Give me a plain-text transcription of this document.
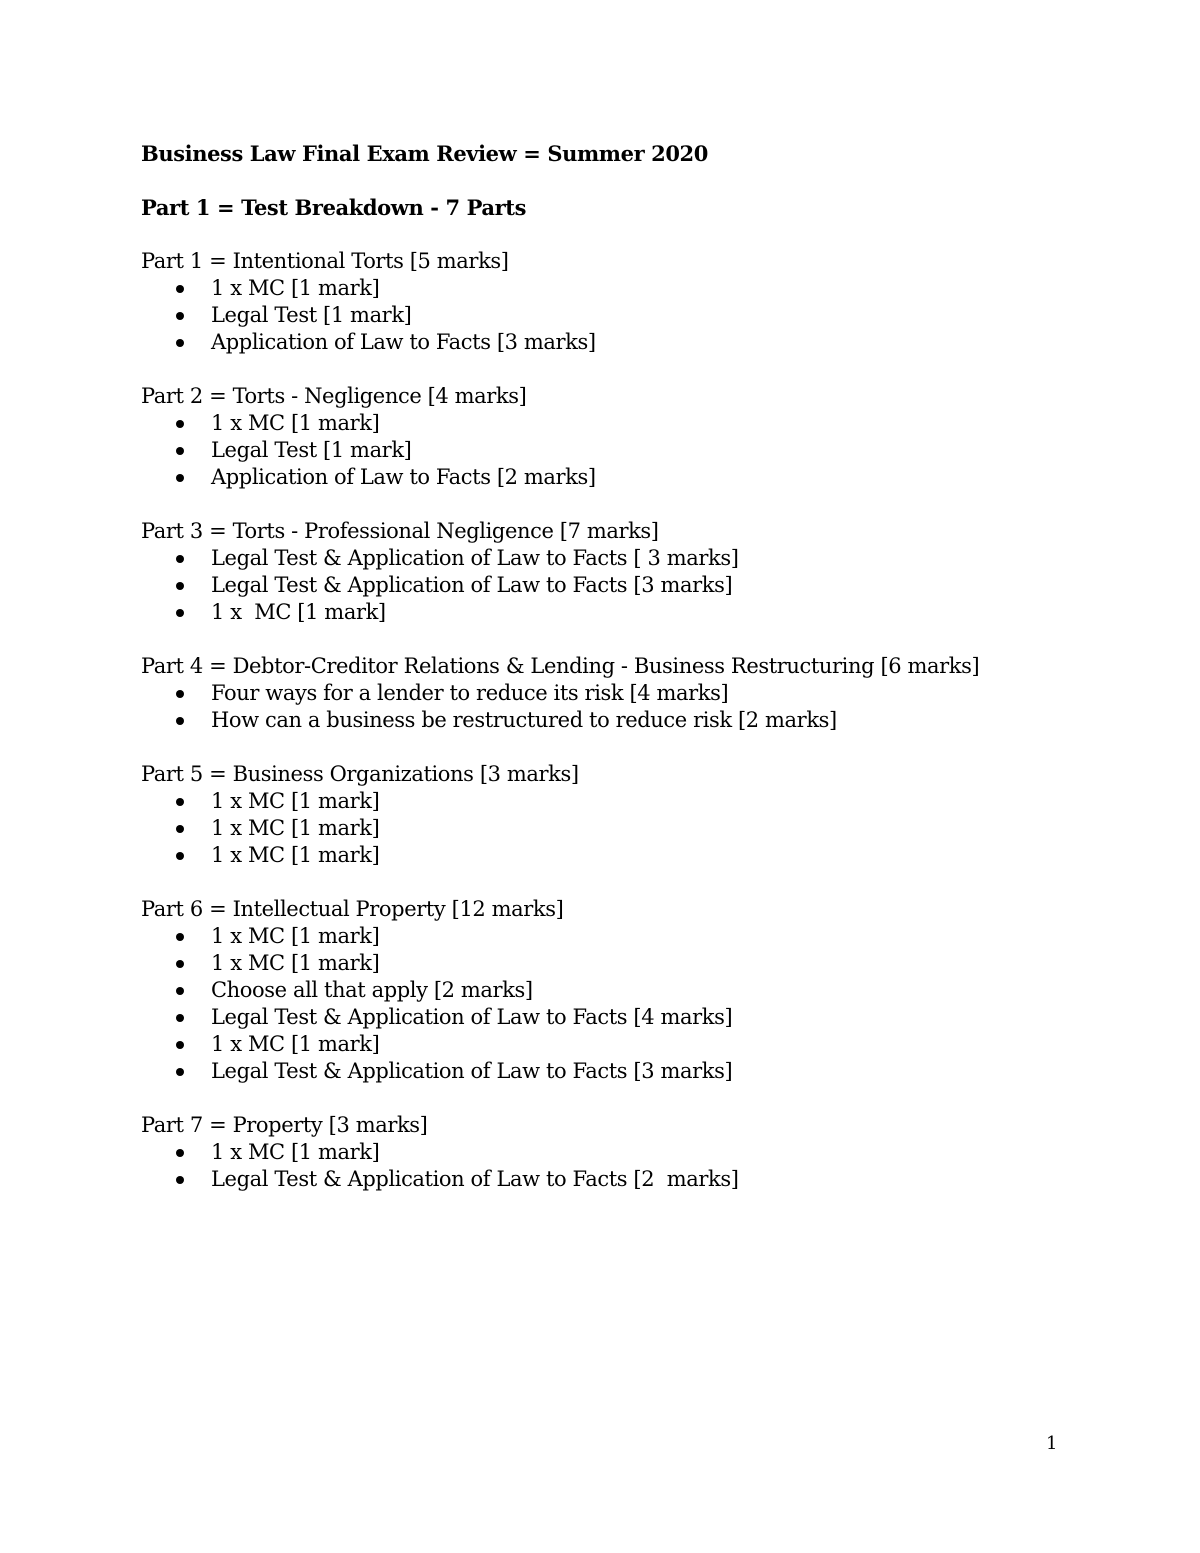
Business Law Final Exam Review = Summer 2020
Part 1 = Test Breakdown - 7 Parts
Part 1 = Intentional Torts [5 marks]
1 x MC [1 mark]
Legal Test [1 mark]
Application of Law to Facts [3 marks]
Part 2 = Torts - Negligence [4 marks]
1 x MC [1 mark]
Legal Test [1 mark]
Application of Law to Facts [2 marks]
Part 3 = Torts - Professional Negligence [7 marks]
Legal Test & Application of Law to Facts [ 3 marks]
Legal Test & Application of Law to Facts [3 marks]
1 x  MC [1 mark]
Part 4 = Debtor-Creditor Relations & Lending - Business Restructuring [6 marks]
Four ways for a lender to reduce its risk [4 marks]
How can a business be restructured to reduce risk [2 marks]
Part 5 = Business Organizations [3 marks]
1 x MC [1 mark]
1 x MC [1 mark]
1 x MC [1 mark]
Part 6 = Intellectual Property [12 marks]
1 x MC [1 mark]
1 x MC [1 mark]
Choose all that apply [2 marks]
Legal Test & Application of Law to Facts [4 marks]
1 x MC [1 mark]
Legal Test & Application of Law to Facts [3 marks]
Part 7 = Property [3 marks]
1 x MC [1 mark]
Legal Test & Application of Law to Facts [2  marks]
1
